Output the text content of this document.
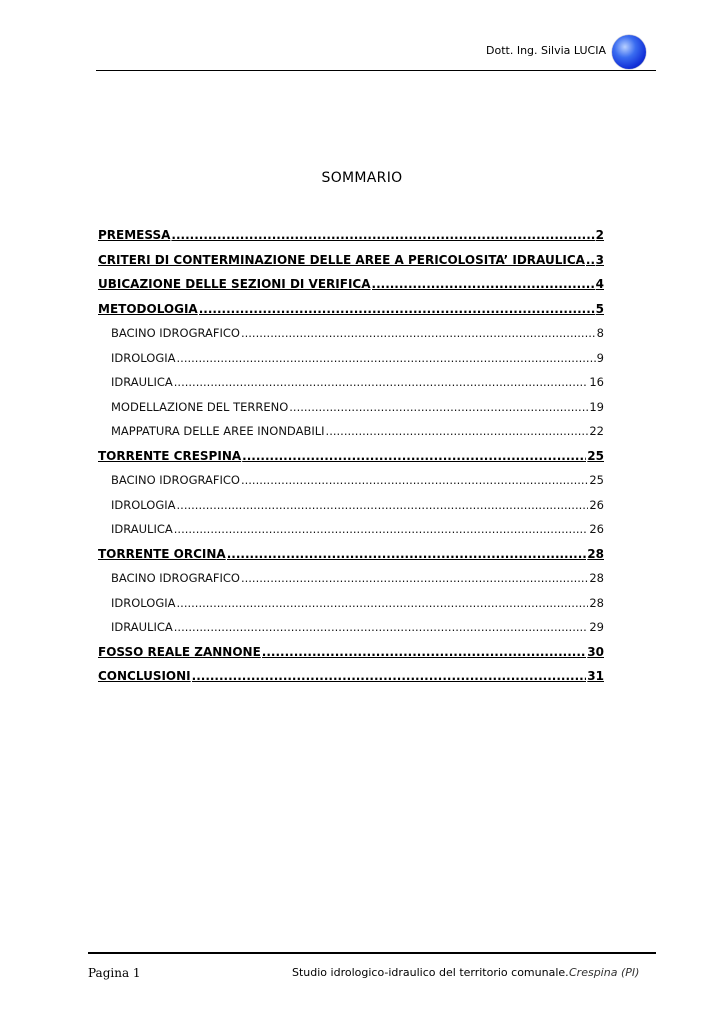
Dott. Ing. Silvia LUCIA
SOMMARIO
PREMESSA .....	2
CRITERI DI CONTERMINAZIONE DELLE AREE A PERICOLOSITA’ IDRAULICA ..... 3
UBICAZIONE DELLE SEZIONI DI VERIFICA .....	4
METODOLOGIA .....	5
BACINO IDROGRAFICO .....	8
IDROLOGIA .....	9
IDRAULICA .....	16
MODELLAZIONE DEL TERRENO .....	19
MAPPATURA DELLE AREE INONDABILI .....	22
TORRENTE CRESPINA .....	25
BACINO IDROGRAFICO .....	25
IDROLOGIA .....	26
IDRAULICA .....	26
TORRENTE ORCINA .....	28
BACINO IDROGRAFICO .....	28
IDROLOGIA .....	28
IDRAULICA .....	29
FOSSO REALE ZANNONE .....	30
CONCLUSIONI .....	31
Pagina 1	Studio idrologico-idraulico del territorio comunale. Crespina (PI)
